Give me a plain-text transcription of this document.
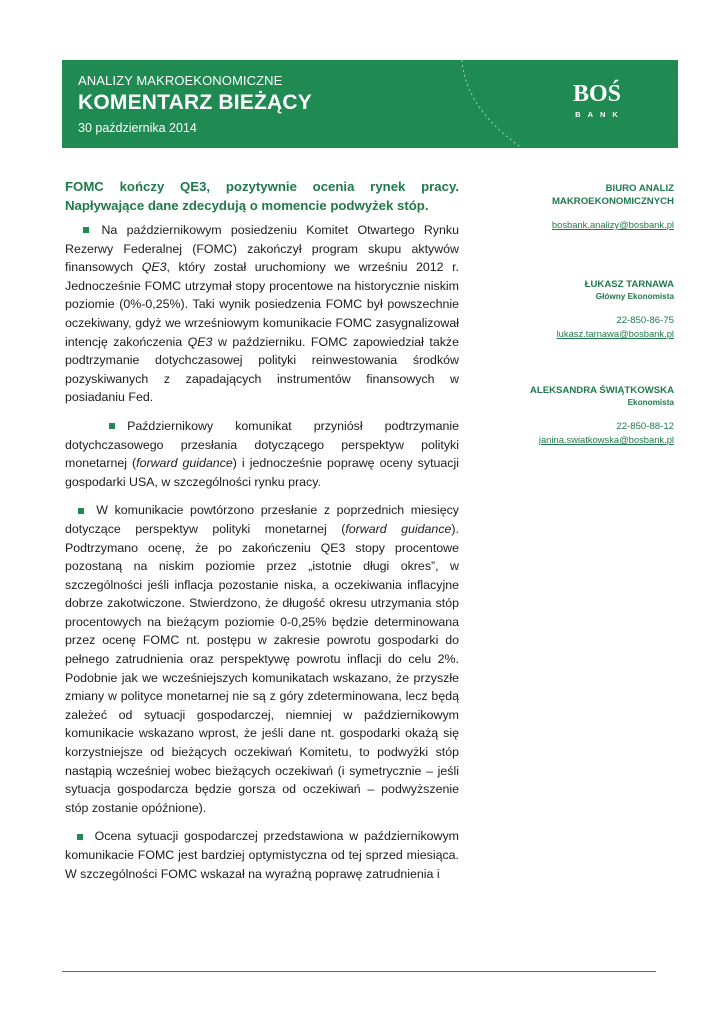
ANALIZY MAKROEKONOMICZNE
KOMENTARZ BIEŻĄCY
30 października 2014
BOŚ
BANK

FOMC kończy QE3, pozytywnie ocenia rynek pracy. Napływające dane zdecydują o momencie podwyżek stóp.

Na październikowym posiedzeniu Komitet Otwartego Rynku Rezerwy Federalnej (FOMC) zakończył program skupu aktywów finansowych QE3, który został uruchomiony we wrześniu 2012 r. Jednocześnie FOMC utrzymał stopy procentowe na historycznie niskim poziomie (0%-0,25%). Taki wynik posiedzenia FOMC był powszechnie oczekiwany, gdyż we wrześniowym komunikacie FOMC zasygnalizował intencję zakończenia QE3 w październiku. FOMC zapowiedział także podtrzymanie dotychczasowej polityki reinwestowania środków pozyskiwanych z zapadających instrumentów finansowych w posiadaniu Fed.

Październikowy komunikat przyniósł podtrzymanie dotychczasowego przesłania dotyczącego perspektyw polityki monetarnej (forward guidance) i jednocześnie poprawę oceny sytuacji gospodarki USA, w szczególności rynku pracy.

W komunikacie powtórzono przesłanie z poprzednich miesięcy dotyczące perspektyw polityki monetarnej (forward guidance). Podtrzymano ocenę, że po zakończeniu QE3 stopy procentowe pozostaną na niskim poziomie przez „istotnie długi okres”, w szczególności jeśli inflacja pozostanie niska, a oczekiwania inflacyjne dobrze zakotwiczone. Stwierdzono, że długość okresu utrzymania stóp procentowych na bieżącym poziomie 0-0,25% będzie determinowana przez ocenę FOMC nt. postępu w zakresie powrotu gospodarki do pełnego zatrudnienia oraz perspektywę powrotu inflacji do celu 2%. Podobnie jak we wcześniejszych komunikatach wskazano, że przyszłe zmiany w polityce monetarnej nie są z góry zdeterminowana, lecz będą zależeć od sytuacji gospodarczej, niemniej w październikowym komunikacie wskazano wprost, że jeśli dane nt. gospodarki okażą się korzystniejsze od bieżących oczekiwań Komitetu, to podwyżki stóp nastąpią wcześniej wobec bieżących oczekiwań (i symetrycznie – jeśli sytuacja gospodarcza będzie gorsza od oczekiwań – podwyższenie stóp zostanie opóźnione).

Ocena sytuacji gospodarczej przedstawiona w październikowym komunikacie FOMC jest bardziej optymistyczna od tej sprzed miesiąca. W szczególności FOMC wskazał na wyraźną poprawę zatrudnienia i

BIURO ANALIZ
MAKROEKONOMICZNYCH
bosbank.analizy@bosbank.pl
ŁUKASZ TARNAWA
Główny Ekonomista
22-850-86-75
lukasz.tarnawa@bosbank.pl
ALEKSANDRA ŚWIĄTKOWSKA
Ekonomista
22-850-88-12
janina.swiatkowska@bosbank.pl
